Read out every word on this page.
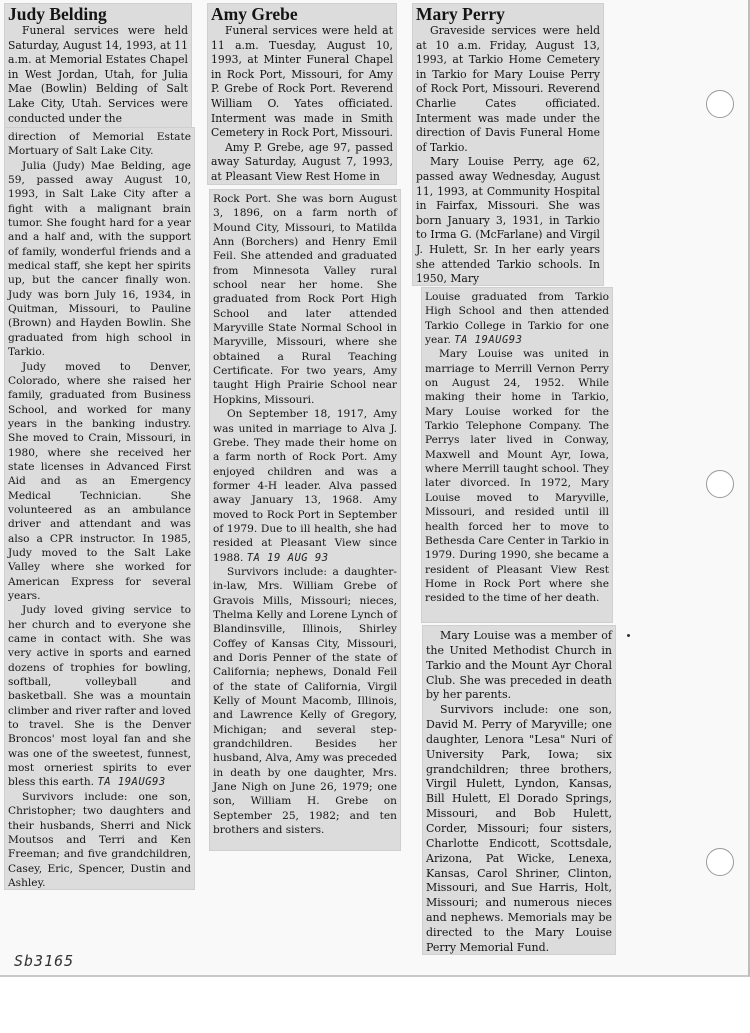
Judy Belding

Funeral services were held Saturday, August 14, 1993, at 11 a.m. at Memorial Estates Chapel in West Jordan, Utah, for Julia Mae (Bowlin) Belding of Salt Lake City, Utah. Services were conducted under the

direction of Memorial Estate Mortuary of Salt Lake City.

Julia (Judy) Mae Belding, age 59, passed away August 10, 1993, in Salt Lake City after a fight with a malignant brain tumor. She fought hard for a year and a half and, with the support of family, wonderful friends and a medical staff, she kept her spirits up, but the cancer finally won. Judy was born July 16, 1934, in Quitman, Missouri, to Pauline (Brown) and Hayden Bowlin. She graduated from high school in Tarkio.

Judy moved to Denver, Colorado, where she raised her family, graduated from Business School, and worked for many years in the banking industry. She moved to Crain, Missouri, in 1980, where she received her state licenses in Advanced First Aid and as an Emergency Medical Technician. She volunteered as an ambulance driver and attendant and was also a CPR instructor. In 1985, Judy moved to the Salt Lake Valley where she worked for American Express for several years.

Judy loved giving service to her church and to everyone she came in contact with. She was very active in sports and earned dozens of trophies for bowling, softball, volleyball and basketball. She was a mountain climber and river rafter and loved to travel. She is the Denver Broncos' most loyal fan and she was one of the sweetest, funnest, most orneriest spirits to ever bless this earth. TA 19AUG93

Survivors include: one son, Christopher; two daughters and their husbands, Sherri and Nick Moutsos and Terri and Ken Freeman; and five grandchildren, Casey, Eric, Spencer, Dustin and Ashley.

Amy Grebe

Funeral services were held at 11 a.m. Tuesday, August 10, 1993, at Minter Funeral Chapel in Rock Port, Missouri, for Amy P. Grebe of Rock Port. Reverend William O. Yates officiated. Interment was made in Smith Cemetery in Rock Port, Missouri.

Amy P. Grebe, age 97, passed away Saturday, August 7, 1993, at Pleasant View Rest Home in

Rock Port. She was born August 3, 1896, on a farm north of Mound City, Missouri, to Matilda Ann (Borchers) and Henry Emil Feil. She attended and graduated from Minnesota Valley rural school near her home. She graduated from Rock Port High School and later attended Maryville State Normal School in Maryville, Missouri, where she obtained a Rural Teaching Certificate. For two years, Amy taught High Prairie School near Hopkins, Missouri.

On September 18, 1917, Amy was united in marriage to Alva J. Grebe. They made their home on a farm north of Rock Port. Amy enjoyed children and was a former 4-H leader. Alva passed away January 13, 1968. Amy moved to Rock Port in September of 1979. Due to ill health, she had resided at Pleasant View since 1988. TA 19 AUG 93

Survivors include: a daughter-in-law, Mrs. William Grebe of Gravois Mills, Missouri; nieces, Thelma Kelly and Lorene Lynch of Blandinsville, Illinois, Shirley Coffey of Kansas City, Missouri, and Doris Penner of the state of California; nephews, Donald Feil of the state of California, Virgil Kelly of Mount Macomb, Illinois, and Lawrence Kelly of Gregory, Michigan; and several step-grandchildren. Besides her husband, Alva, Amy was preceded in death by one daughter, Mrs. Jane Nigh on June 26, 1979; one son, William H. Grebe on September 25, 1982; and ten brothers and sisters.

Mary Perry

Graveside services were held at 10 a.m. Friday, August 13, 1993, at Tarkio Home Cemetery in Tarkio for Mary Louise Perry of Rock Port, Missouri. Reverend Charlie Cates officiated. Interment was made under the direction of Davis Funeral Home of Tarkio.

Mary Louise Perry, age 62, passed away Wednesday, August 11, 1993, at Community Hospital in Fairfax, Missouri. She was born January 3, 1931, in Tarkio to Irma G. (McFarlane) and Virgil J. Hulett, Sr. In her early years she attended Tarkio schools. In 1950, Mary

Louise graduated from Tarkio High School and then attended Tarkio College in Tarkio for one year. TA 19AUG93

Mary Louise was united in marriage to Merrill Vernon Perry on August 24, 1952. While making their home in Tarkio, Mary Louise worked for the Tarkio Telephone Company. The Perrys later lived in Conway, Maxwell and Mount Ayr, Iowa, where Merrill taught school. They later divorced. In 1972, Mary Louise moved to Maryville, Missouri, and resided until ill health forced her to move to Bethesda Care Center in Tarkio in 1979. During 1990, she became a resident of Pleasant View Rest Home in Rock Port where she resided to the time of her death.

Mary Louise was a member of the United Methodist Church in Tarkio and the Mount Ayr Choral Club. She was preceded in death by her parents.

Survivors include: one son, David M. Perry of Maryville; one daughter, Lenora "Lesa" Nuri of University Park, Iowa; six grandchildren; three brothers, Virgil Hulett, Lyndon, Kansas, Bill Hulett, El Dorado Springs, Missouri, and Bob Hulett, Corder, Missouri; four sisters, Charlotte Endicott, Scottsdale, Arizona, Pat Wicke, Lenexa, Kansas, Carol Shriner, Clinton, Missouri, and Sue Harris, Holt, Missouri; and numerous nieces and nephews. Memorials may be directed to the Mary Louise Perry Memorial Fund.

Sb3165
